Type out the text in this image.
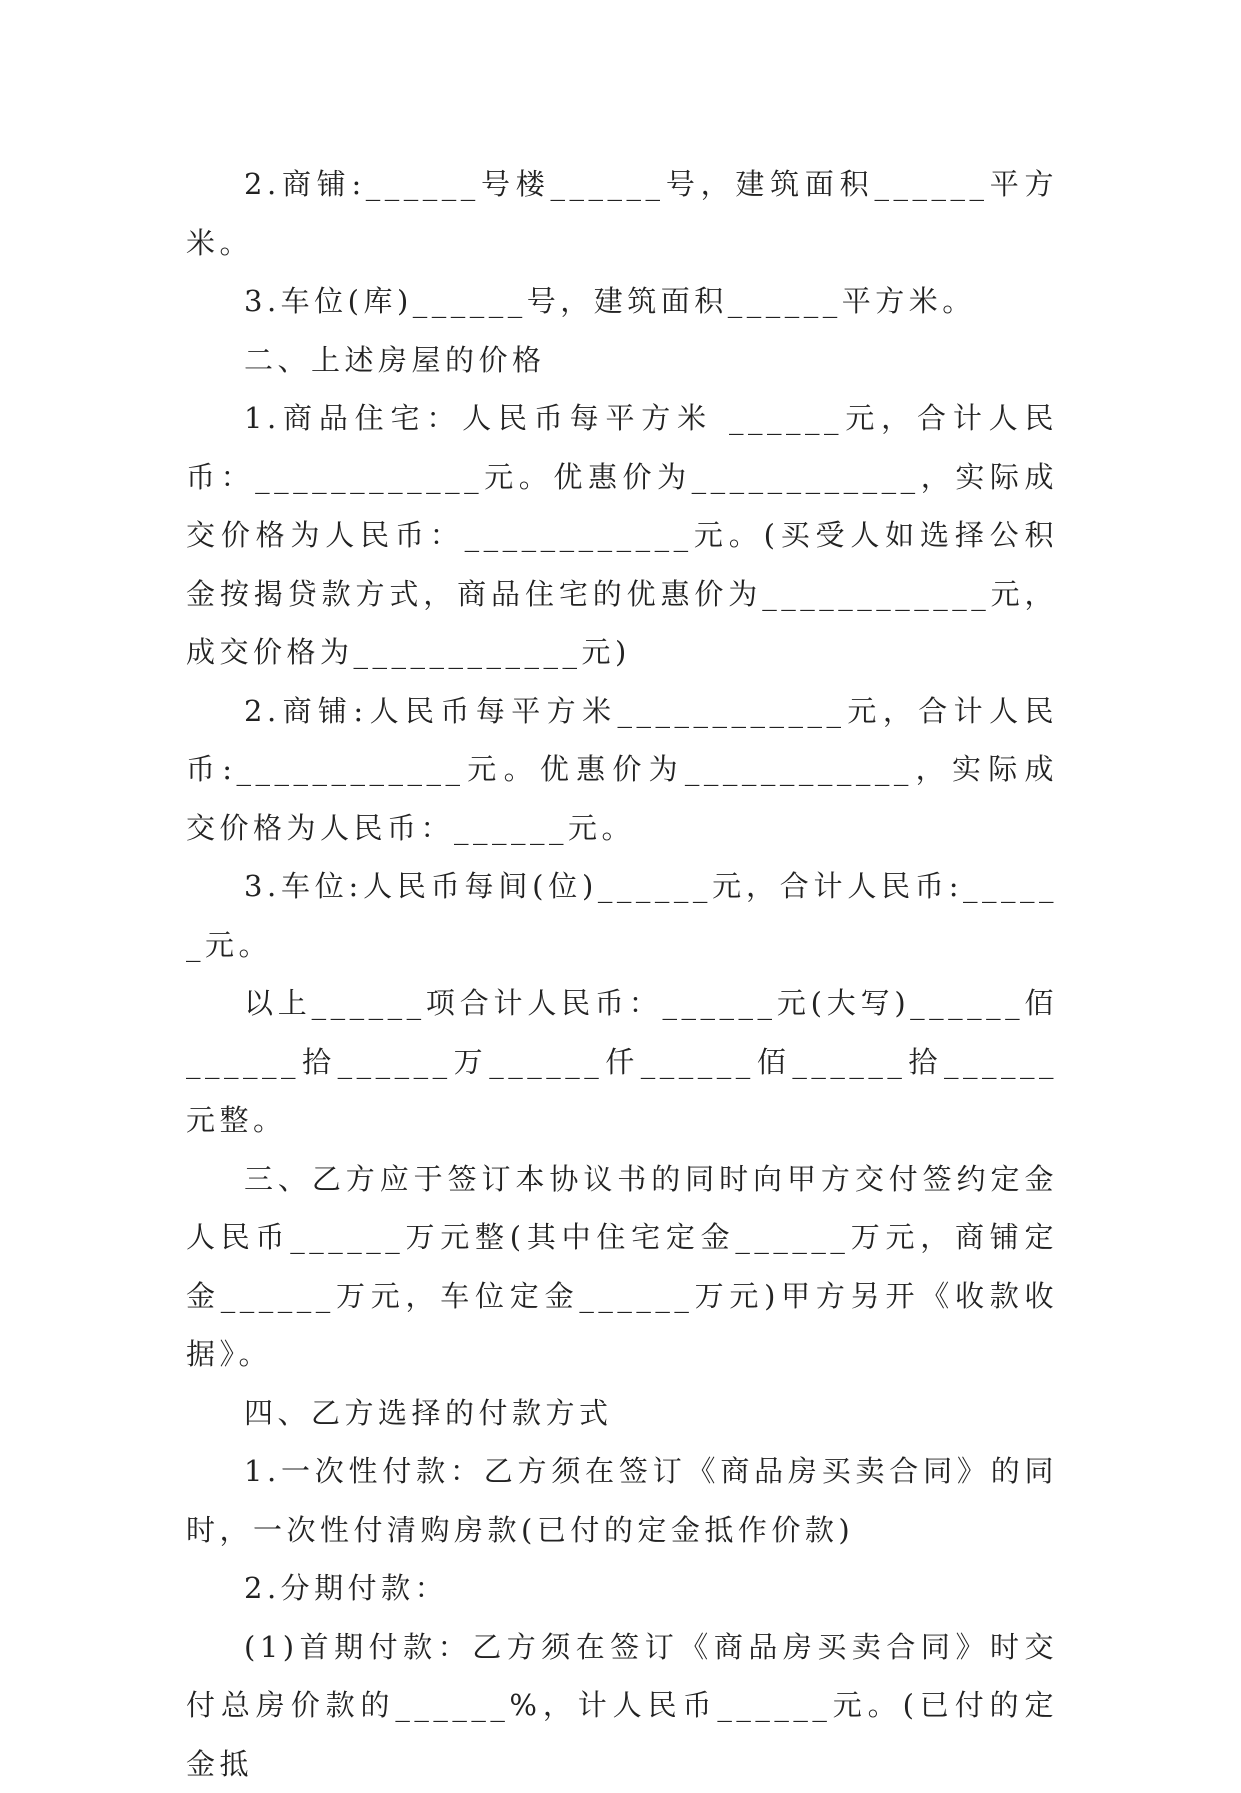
2.商铺:______号楼______号，建筑面积______平方米。

3.车位(库)______号，建筑面积______平方米。

二、上述房屋的价格

1.商品住宅：人民币每平方米 ______元，合计人民币：____________元。优惠价为____________，实际成交价格为人民币：____________元。(买受人如选择公积金按揭贷款方式，商品住宅的优惠价为____________元，成交价格为____________元)

2.商铺:人民币每平方米____________元，合计人民币:____________元。优惠价为____________，实际成交价格为人民币：______元。

3.车位:人民币每间(位)______元，合计人民币:______元。

以上______项合计人民币：______元(大写)______佰______拾______万______仟______佰______拾______元整。

三、乙方应于签订本协议书的同时向甲方交付签约定金人民币______万元整(其中住宅定金______万元，商铺定金______万元，车位定金______万元)甲方另开《收款收据》。

四、乙方选择的付款方式

1.一次性付款：乙方须在签订《商品房买卖合同》的同时，一次性付清购房款(已付的定金抵作价款)

2.分期付款：

(1)首期付款：乙方须在签订《商品房买卖合同》时交付总房价款的______%，计人民币______元。(已付的定金抵
